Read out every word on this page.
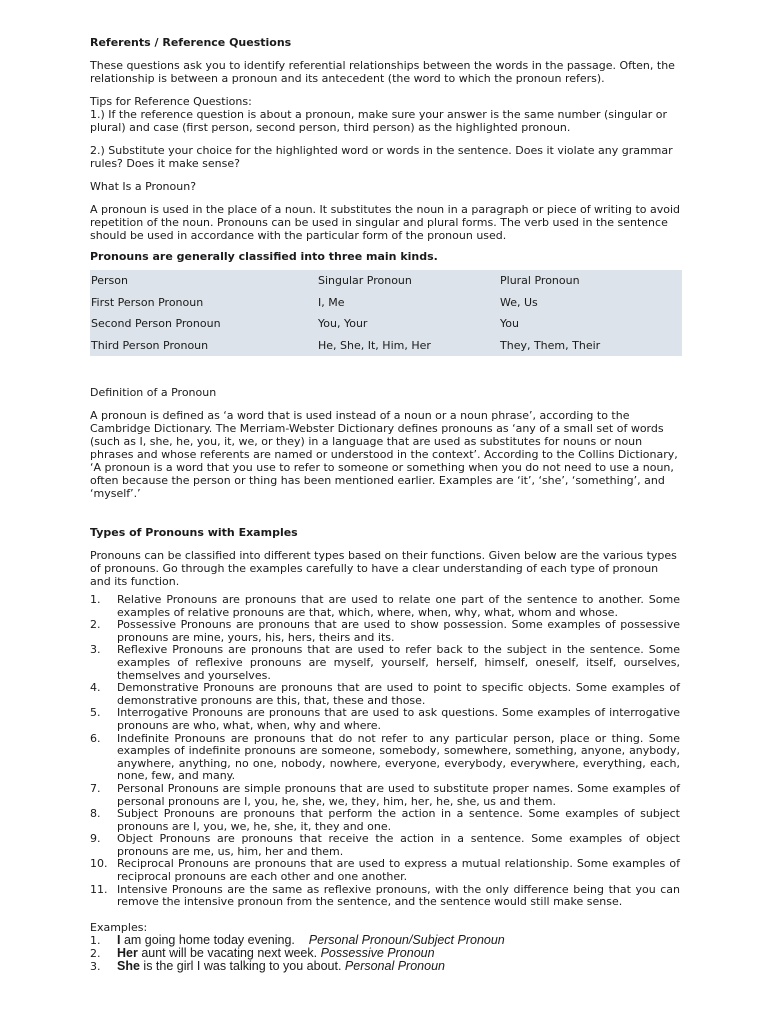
Referents / Reference Questions

These questions ask you to identify referential relationships between the words in the passage. Often, the relationship is between a pronoun and its antecedent (the word to which the pronoun refers).

Tips for Reference Questions:

1.) If the reference question is about a pronoun, make sure your answer is the same number (singular or plural) and case (first person, second person, third person) as the highlighted pronoun.

2.) Substitute your choice for the highlighted word or words in the sentence. Does it violate any grammar rules? Does it make sense?

What Is a Pronoun?

A pronoun is used in the place of a noun. It substitutes the noun in a paragraph or piece of writing to avoid repetition of the noun. Pronouns can be used in singular and plural forms. The verb used in the sentence should be used in accordance with the particular form of the pronoun used.

Pronouns are generally classified into three main kinds.

Person	Singular Pronoun	Plural Pronoun
First Person Pronoun	I, Me	We, Us
Second Person Pronoun	You, Your	You
Third Person Pronoun	He, She, It, Him, Her	They, Them, Their

Definition of a Pronoun

A pronoun is defined as ‘a word that is used instead of a noun or a noun phrase’, according to the Cambridge Dictionary. The Merriam-Webster Dictionary defines pronouns as ‘any of a small set of words (such as I, she, he, you, it, we, or they) in a language that are used as substitutes for nouns or noun phrases and whose referents are named or understood in the context’. According to the Collins Dictionary, ‘A pronoun is a word that you use to refer to someone or something when you do not need to use a noun, often because the person or thing has been mentioned earlier. Examples are ‘it’, ‘she’, ‘something’, and ‘myself’.’

Types of Pronouns with Examples

Pronouns can be classified into different types based on their functions. Given below are the various types of pronouns. Go through the examples carefully to have a clear understanding of each type of pronoun and its function.

1. Relative Pronouns are pronouns that are used to relate one part of the sentence to another. Some examples of relative pronouns are that, which, where, when, why, what, whom and whose.
2. Possessive Pronouns are pronouns that are used to show possession. Some examples of possessive pronouns are mine, yours, his, hers, theirs and its.
3. Reflexive Pronouns are pronouns that are used to refer back to the subject in the sentence. Some examples of reflexive pronouns are myself, yourself, herself, himself, oneself, itself, ourselves, themselves and yourselves.
4. Demonstrative Pronouns are pronouns that are used to point to specific objects. Some examples of demonstrative pronouns are this, that, these and those.
5. Interrogative Pronouns are pronouns that are used to ask questions. Some examples of interrogative pronouns are who, what, when, why and where.
6. Indefinite Pronouns are pronouns that do not refer to any particular person, place or thing. Some examples of indefinite pronouns are someone, somebody, somewhere, something, anyone, anybody, anywhere, anything, no one, nobody, nowhere, everyone, everybody, everywhere, everything, each, none, few, and many.
7. Personal Pronouns are simple pronouns that are used to substitute proper names. Some examples of personal pronouns are I, you, he, she, we, they, him, her, he, she, us and them.
8. Subject Pronouns are pronouns that perform the action in a sentence. Some examples of subject pronouns are I, you, we, he, she, it, they and one.
9. Object Pronouns are pronouns that receive the action in a sentence. Some examples of object pronouns are me, us, him, her and them.
10. Reciprocal Pronouns are pronouns that are used to express a mutual relationship. Some examples of reciprocal pronouns are each other and one another.
11. Intensive Pronouns are the same as reflexive pronouns, with the only difference being that you can remove the intensive pronoun from the sentence, and the sentence would still make sense.

Examples:

1. I am going home today evening.    Personal Pronoun/Subject Pronoun
2. Her aunt will be vacating next week. Possessive Pronoun
3. She is the girl I was talking to you about. Personal Pronoun
